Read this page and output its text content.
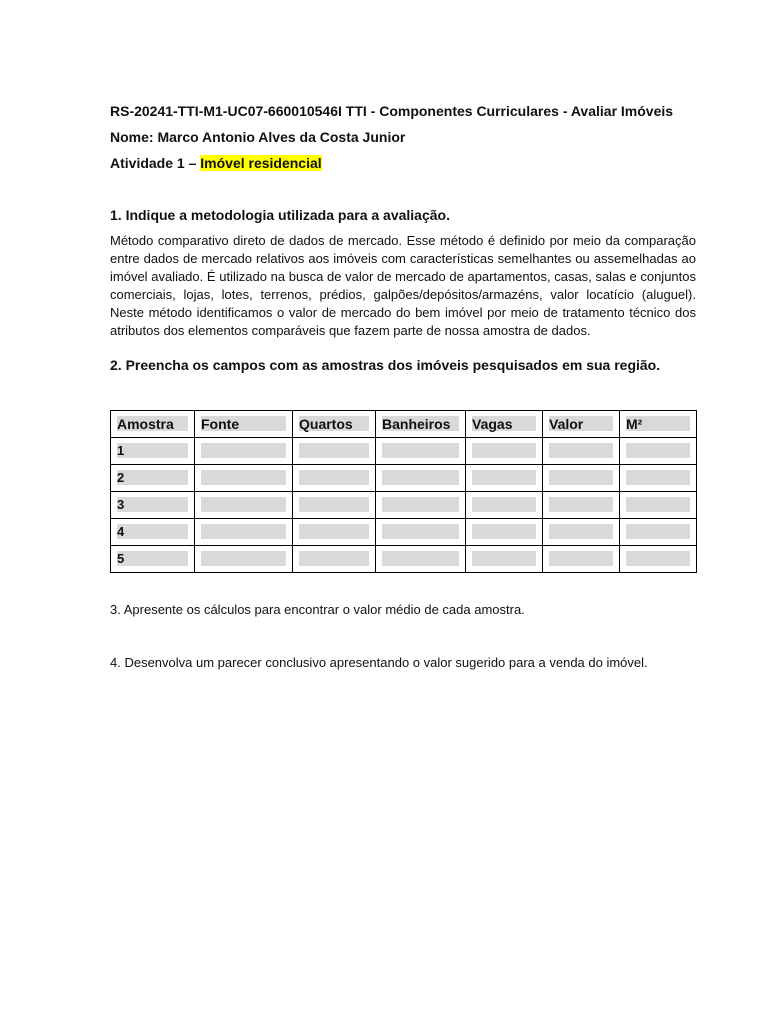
RS-20241-TTI-M1-UC07-660010546I TTI - Componentes Curriculares - Avaliar Imóveis

Nome: Marco Antonio Alves da Costa Junior

Atividade 1 – Imóvel residencial

1. Indique a metodologia utilizada para a avaliação.

Método comparativo direto de dados de mercado. Esse método é definido por meio da comparação entre dados de mercado relativos aos imóveis com características semelhantes ou assemelhadas ao imóvel avaliado. É utilizado na busca de valor de mercado de apartamentos, casas, salas e conjuntos comerciais, lojas, lotes, terrenos, prédios, galpões/depósitos/armazéns, valor locatício (aluguel). Neste método identificamos o valor de mercado do bem imóvel por meio de tratamento técnico dos atributos dos elementos comparáveis que fazem parte de nossa amostra de dados.

2. Preencha os campos com as amostras dos imóveis pesquisados em sua região.

Amostra	Fonte	Quartos	Banheiros	Vagas	Valor	M²

1						

2						

3						

4						

5						

3. Apresente os cálculos para encontrar o valor médio de cada amostra.

4. Desenvolva um parecer conclusivo apresentando o valor sugerido para a venda do imóvel.
